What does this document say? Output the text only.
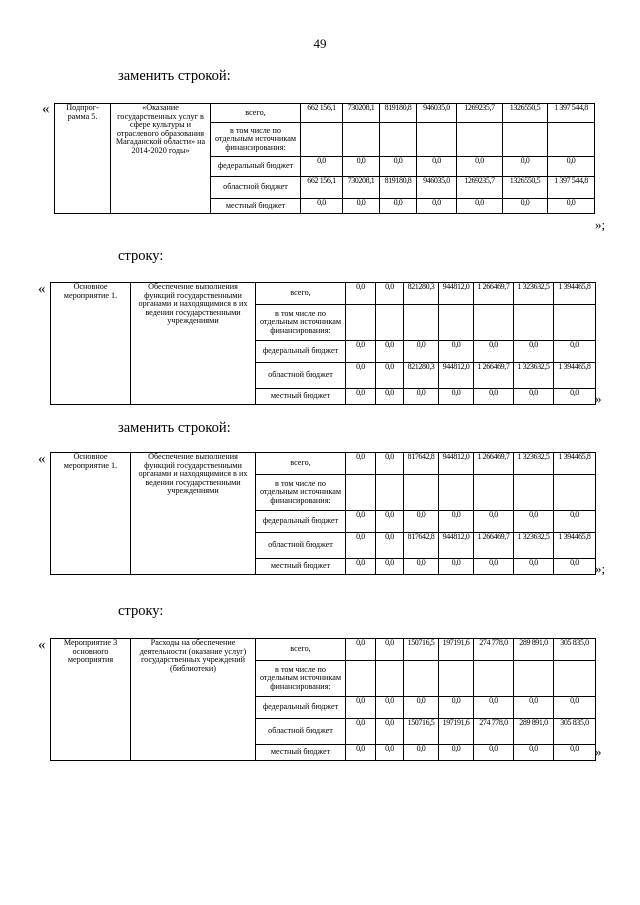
49
заменить строкой:
« Подпрог-рамма 5.	«Оказание государственных услуг в сфере культуры и отраслевого образования Магаданской области» на 2014-2020 годы»	всего,	662 156,1	730208,1	819180,8	946035,0	1269235,7	1326550,5	1 397 544,8
		в том числе по отдельным источникам финансирования:							
		федеральный бюджет	0,0	0,0	0,0	0,0	0,0	0,0	0,0
		областной бюджет	662 156,1	730208,1	819180,8	946035,0	1269235,7	1326550,5	1 397 544,8
		местный бюджет	0,0	0,0	0,0	0,0	0,0	0,0	0,0
»;
строку:
«	Основное мероприятие 1.	Обеспечение выполнения функций государственными органами и находящимися в их ведении государственными учреждениями	всего,	0,0	0,0	821280,3	944812,0	1 266469,7	1 323632,5	1 394465,8
		в том числе по отдельным источникам финансирования:							
		федеральный бюджет	0,0	0,0	0,0	0,0	0,0	0,0	0,0
		областной бюджет	0,0	0,0	821280,3	944812,0	1 266469,7	1 323632,5	1 394465,8
		местный бюджет	0,0	0,0	0,0	0,0	0,0	0,0	0,0 »
заменить строкой:
«	Основное мероприятие 1.	Обеспечение выполнения функций государственными органами и находящимися в их ведении государственными учреждениями	всего,	0,0	0,0	817642,8	944812,0	1 266469,7	1 323632,5	1 394465,8
		в том числе по отдельным источникам финансирования:							
		федеральный бюджет	0,0	0,0	0,0	0,0	0,0	0,0	0,0
		областной бюджет	0,0	0,0	817642,8	944812,0	1 266469,7	1 323632,5	1 394465,8
		местный бюджет	0,0	0,0	0,0	0,0	0,0	0,0	0,0 »;
строку:
« Мероприятие 3 основного мероприятия	Расходы на обеспечение деятельности (оказание услуг) государственных учреждений (библиотеки)	всего,	0,0	0,0	150716,5	197191,6	274 778,0	289 891,0	305 835,0
		в том числе по отдельным источникам финансирования:							
		федеральный бюджет	0,0	0,0	0,0	0,0	0,0	0,0	0,0
		областной бюджет	0,0	0,0	150716,5	197191,6	274 778,0	289 891,0	305 835,0
		местный бюджет	0,0	0,0	0,0	0,0	0,0	0,0	0,0 »
